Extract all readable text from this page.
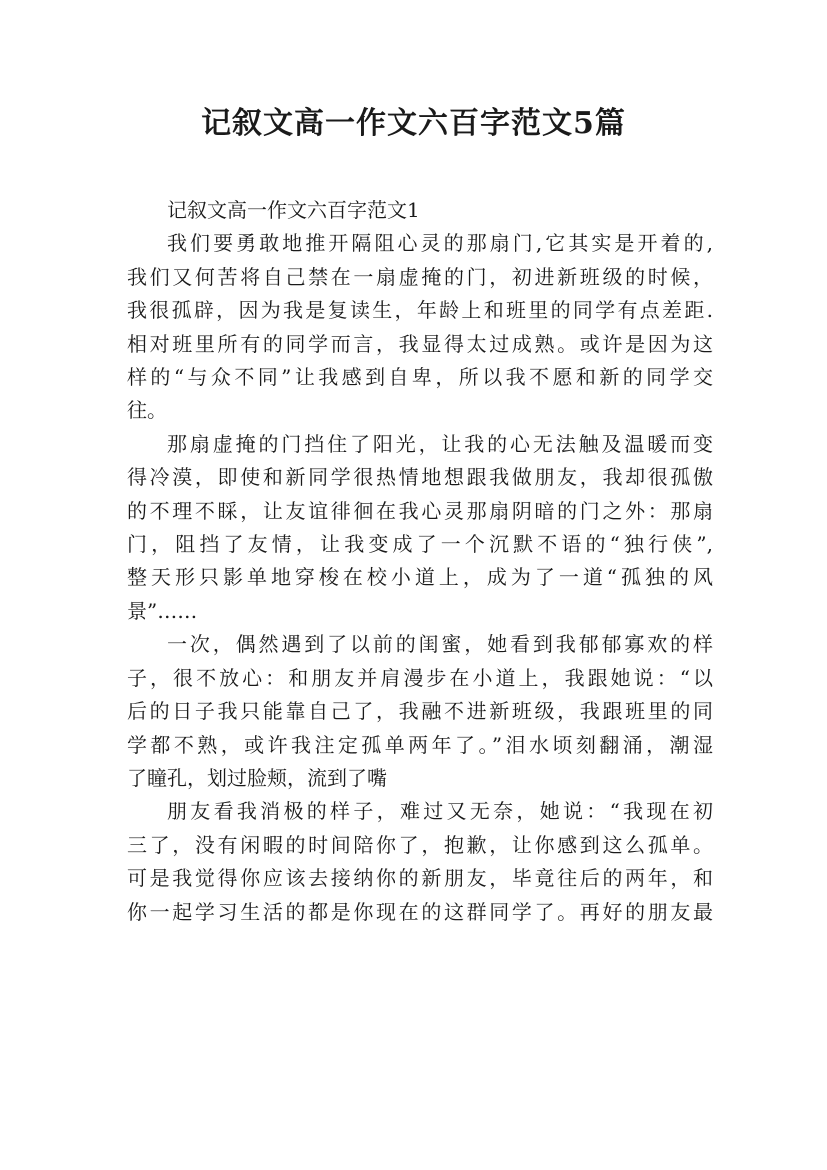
记叙文高一作文六百字范文5篇

记叙文高一作文六百字范文1

我们要勇敢地推开隔阻心灵的那扇门,它其实是开着的,
我们又何苦将自己禁在一扇虚掩的门，初进新班级的时候，
我很孤辟，因为我是复读生，年龄上和班里的同学有点差距.
相对班里所有的同学而言，我显得太过成熟。或许是因为这
样的“与众不同”让我感到自卑，所以我不愿和新的同学交
往。

那扇虚掩的门挡住了阳光，让我的心无法触及温暖而变
得冷漠，即使和新同学很热情地想跟我做朋友，我却很孤傲
的不理不睬，让友谊徘徊在我心灵那扇阴暗的门之外：那扇
门，阻挡了友情，让我变成了一个沉默不语的“独行侠”,
整天形只影单地穿梭在校小道上，成为了一道“孤独的风
景”……

一次，偶然遇到了以前的闺蜜，她看到我郁郁寡欢的样
子，很不放心：和朋友并肩漫步在小道上，我跟她说：“以
后的日子我只能靠自己了，我融不进新班级，我跟班里的同
学都不熟，或许我注定孤单两年了。”泪水顷刻翻涌，潮湿
了瞳孔，划过脸颊，流到了嘴

朋友看我消极的样子，难过又无奈，她说：“我现在初
三了，没有闲暇的时间陪你了，抱歉，让你感到这么孤单。
可是我觉得你应该去接纳你的新朋友，毕竟往后的两年，和
你一起学习生活的都是你现在的这群同学了。再好的朋友最
